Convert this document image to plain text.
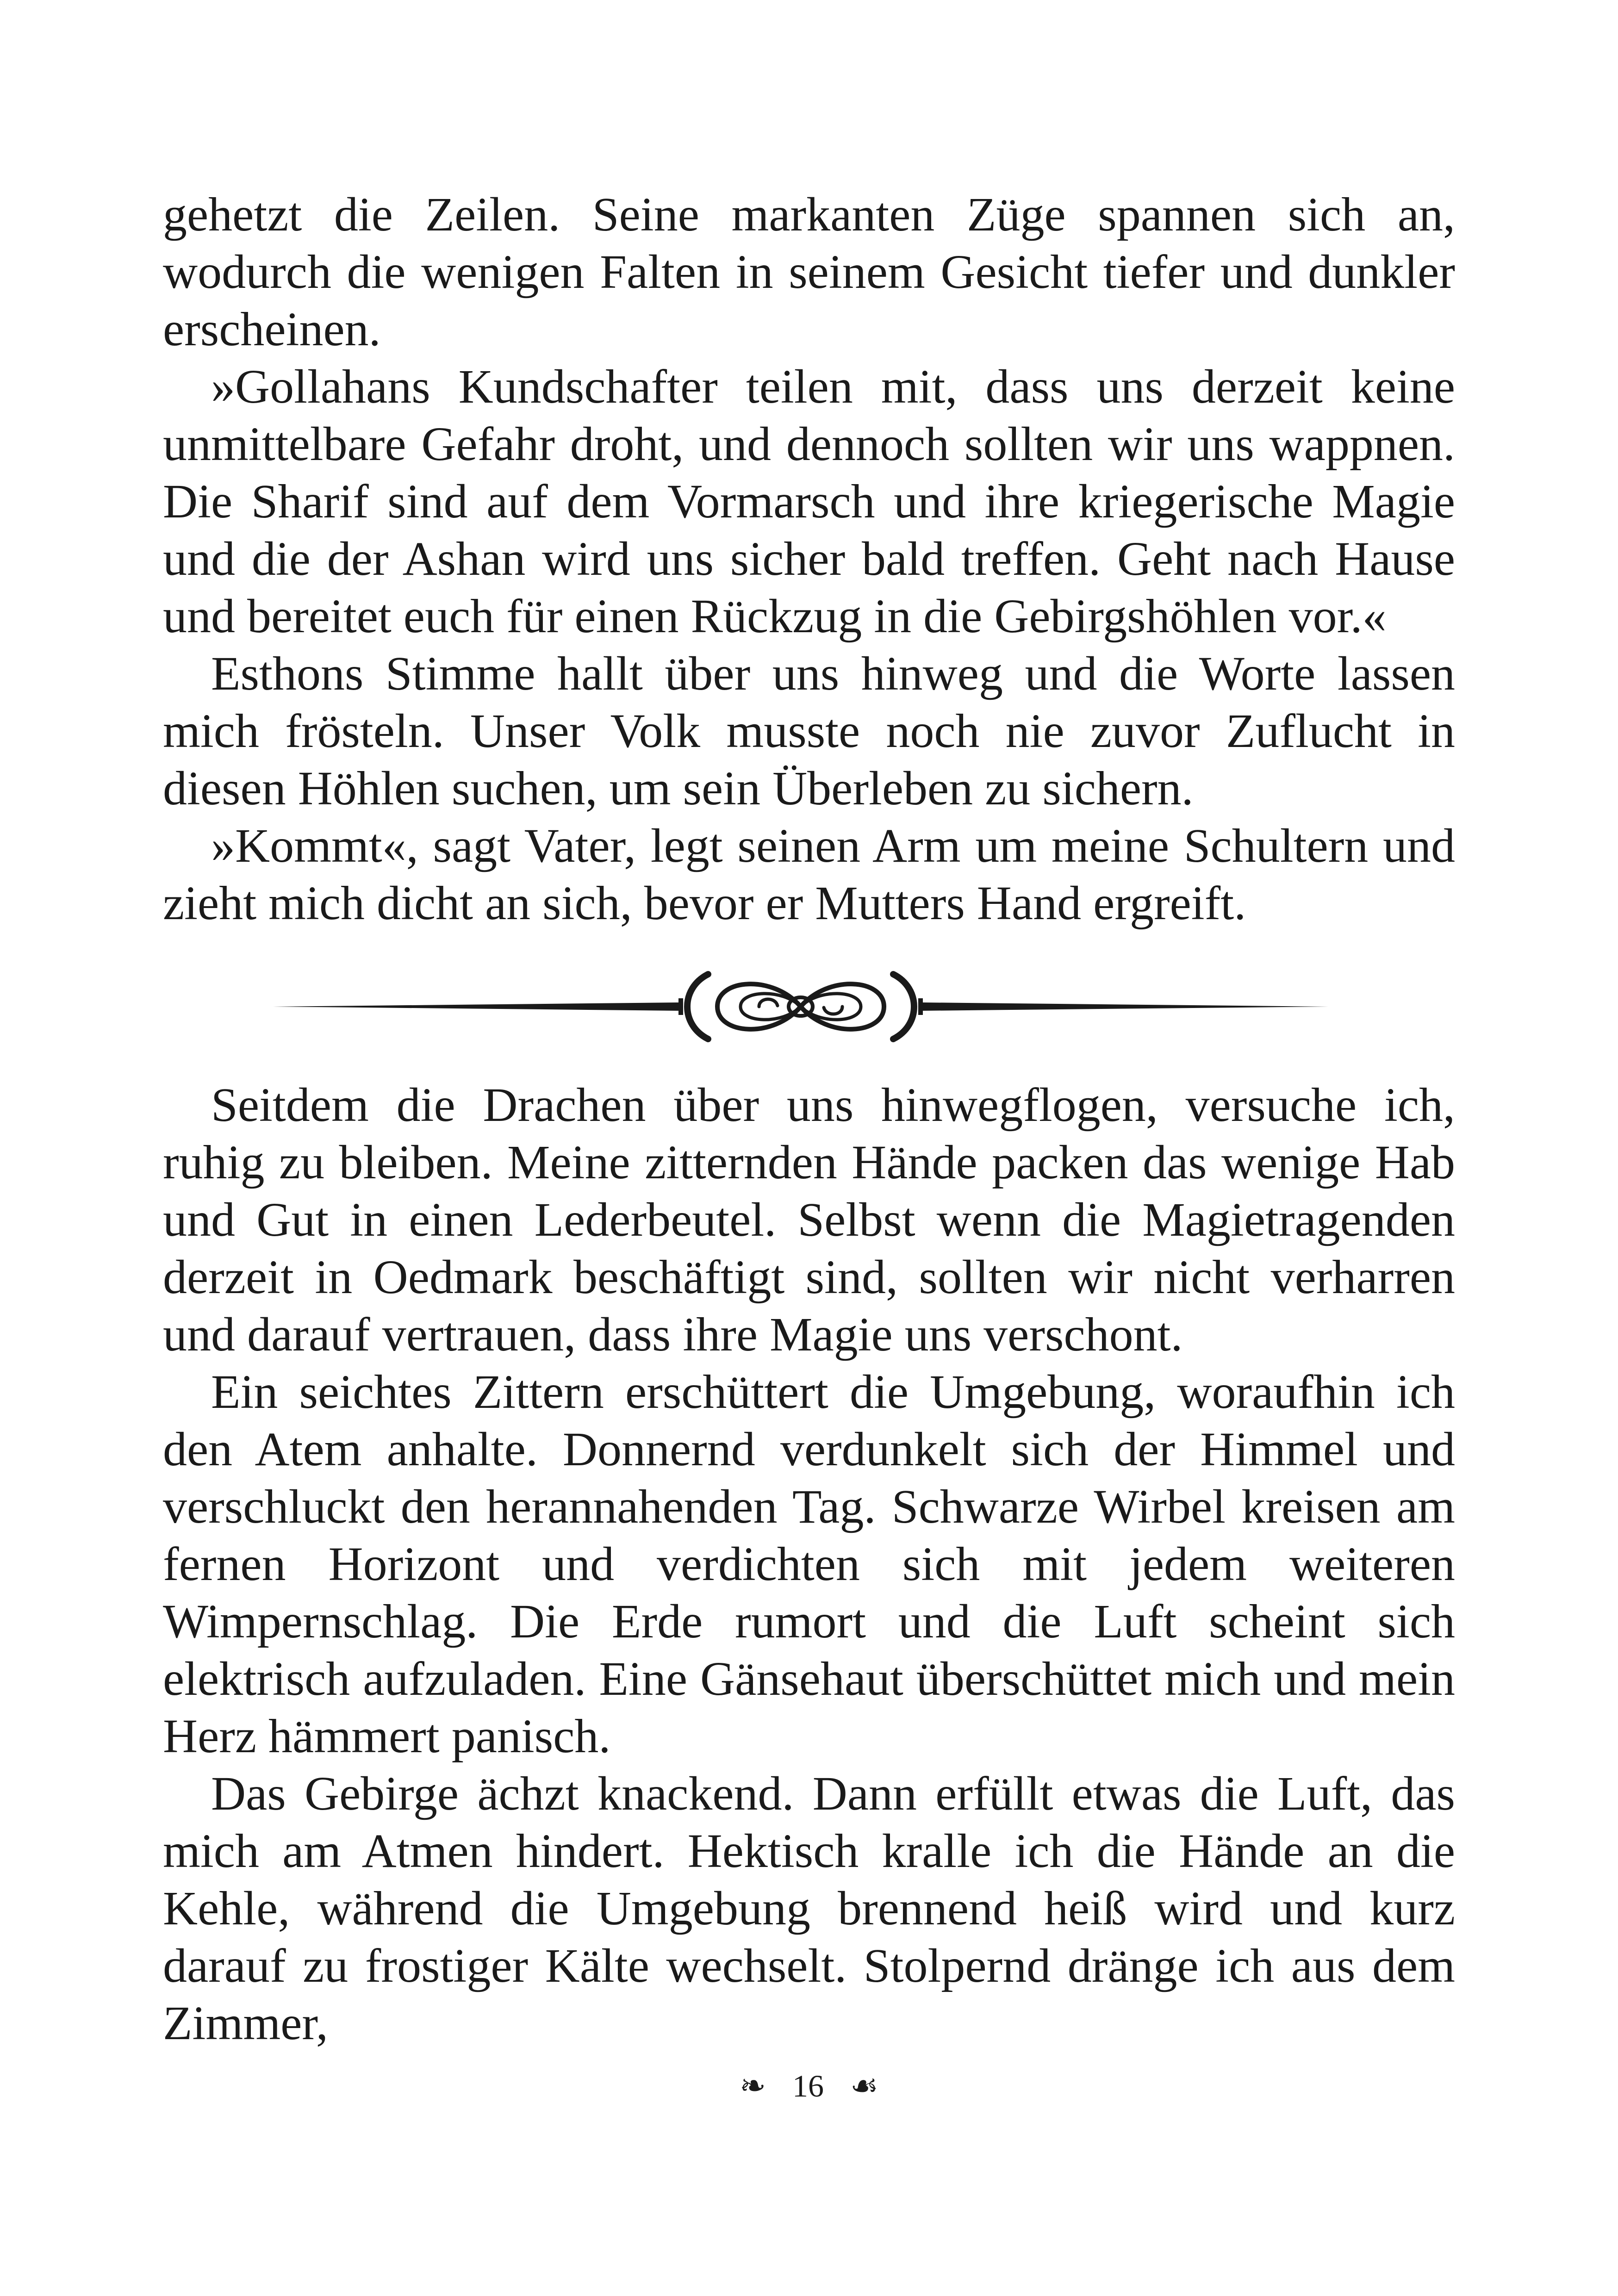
gehetzt die Zeilen. Seine markanten Züge spannen sich an, wodurch die wenigen Falten in seinem Gesicht tiefer und dunkler erscheinen.

»Gollahans Kundschafter teilen mit, dass uns derzeit keine unmittelbare Gefahr droht, und dennoch sollten wir uns wappnen. Die Sharif sind auf dem Vormarsch und ihre kriegerische Magie und die der Ashan wird uns sicher bald treffen. Geht nach Hause und bereitet euch für einen Rückzug in die Gebirgshöhlen vor.«

Esthons Stimme hallt über uns hinweg und die Worte lassen mich frösteln. Unser Volk musste noch nie zuvor Zuflucht in diesen Höhlen suchen, um sein Überleben zu sichern.

»Kommt«, sagt Vater, legt seinen Arm um meine Schultern und zieht mich dicht an sich, bevor er Mutters Hand ergreift.

Seitdem die Drachen über uns hinwegflogen, versuche ich, ruhig zu bleiben. Meine zitternden Hände packen das wenige Hab und Gut in einen Lederbeutel. Selbst wenn die Magietragenden derzeit in Oedmark beschäftigt sind, sollten wir nicht verharren und darauf vertrauen, dass ihre Magie uns verschont.

Ein seichtes Zittern erschüttert die Umgebung, woraufhin ich den Atem anhalte. Donnernd verdunkelt sich der Himmel und verschluckt den herannahenden Tag. Schwarze Wirbel kreisen am fernen Horizont und verdichten sich mit jedem weiteren Wimpernschlag. Die Erde rumort und die Luft scheint sich elektrisch aufzuladen. Eine Gänsehaut überschüttet mich und mein Herz hämmert panisch.

Das Gebirge ächzt knackend. Dann erfüllt etwas die Luft, das mich am Atmen hindert. Hektisch kralle ich die Hände an die Kehle, während die Umgebung brennend heiß wird und kurz darauf zu frostiger Kälte wechselt. Stolpernd dränge ich aus dem Zimmer,

❧ 16 ☙
